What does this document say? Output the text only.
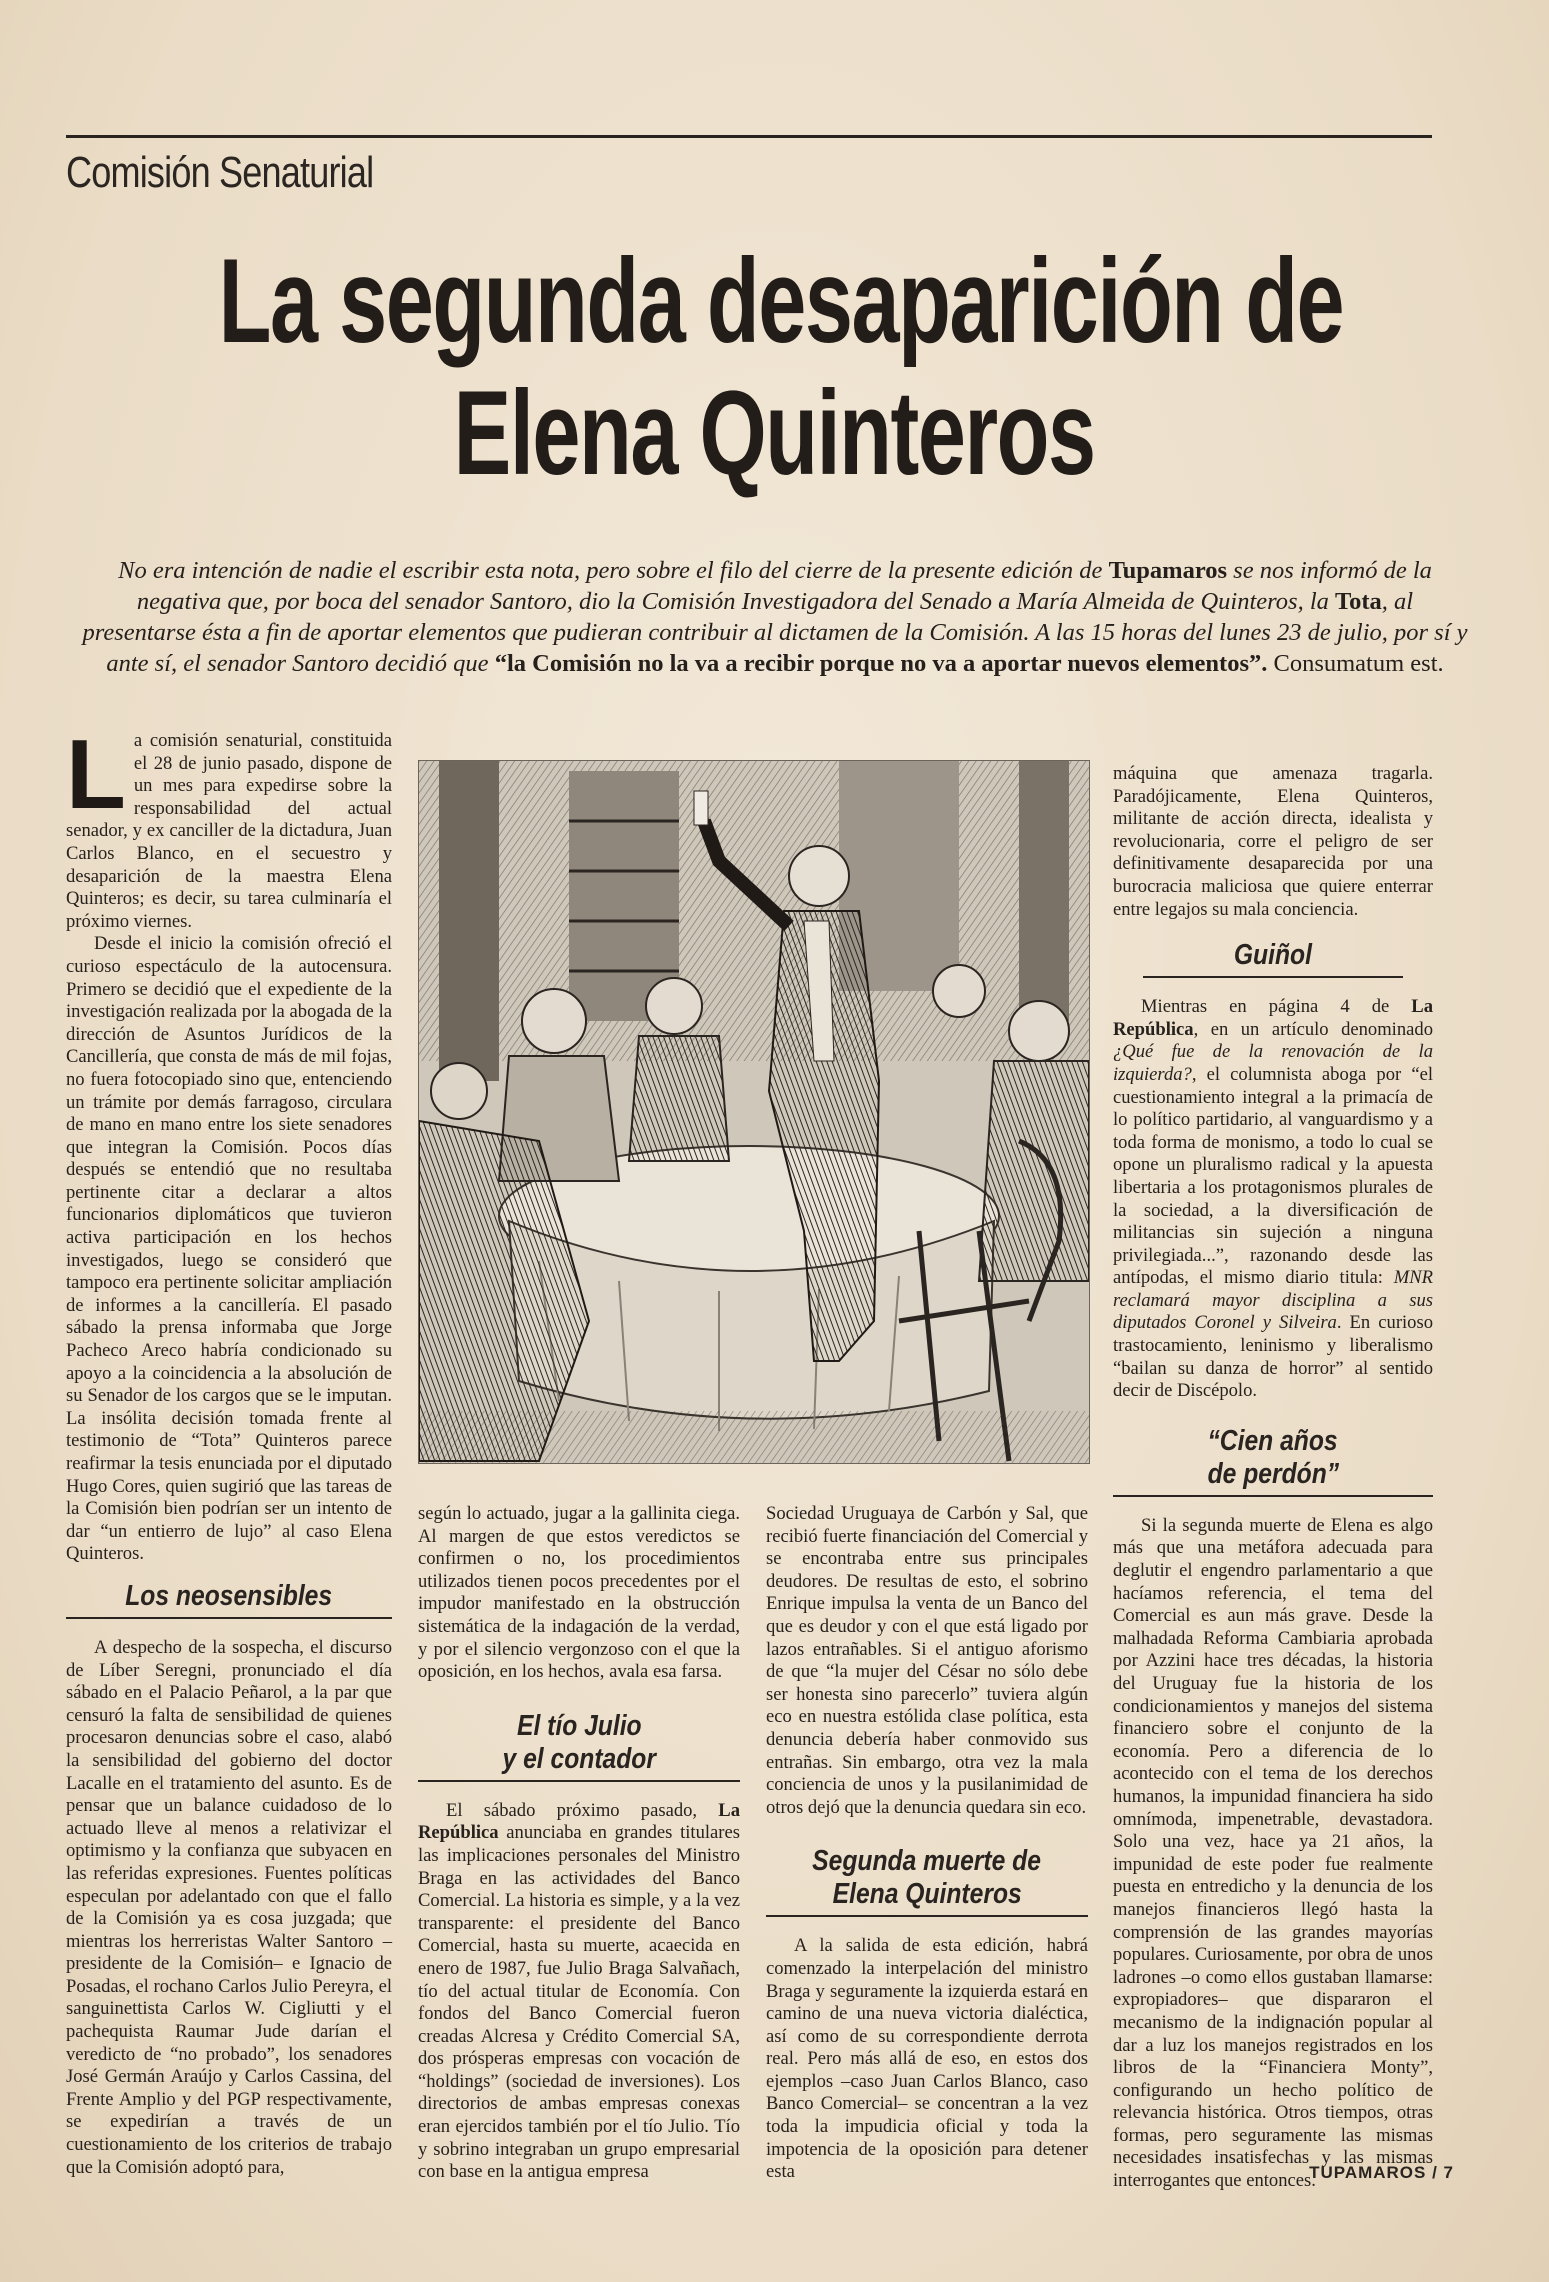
Comisión Senaturial
La segunda desaparición de
Elena Quinteros
No era intención de nadie el escribir esta nota, pero sobre el filo del cierre de la presente edición de Tupamaros se nos informó de la negativa que, por boca del senador Santoro, dio la Comisión Investigadora del Senado a María Almeida de Quinteros, la Tota, al presentarse ésta a fin de aportar elementos que pudieran contribuir al dictamen de la Comisión. A las 15 horas del lunes 23 de julio, por sí y ante sí, el senador Santoro decidió que “la Comisión no la va a recibir porque no va a aportar nuevos elementos”. Consumatum est.

La comisión senaturial, constituida el 28 de junio pasado, dispone de un mes para expedirse sobre la responsabilidad del actual senador, y ex canciller de la dictadura, Juan Carlos Blanco, en el secuestro y desaparición de la maestra Elena Quinteros; es decir, su tarea culminaría el próximo viernes.

Desde el inicio la comisión ofreció el curioso espectáculo de la autocensura. Primero se decidió que el expediente de la investigación realizada por la abogada de la dirección de Asuntos Jurídicos de la Cancillería, que consta de más de mil fojas, no fuera fotocopiado sino que, entenciendo un trámite por demás farragoso, circulara de mano en mano entre los siete senadores que integran la Comisión. Pocos días después se entendió que no resultaba pertinente citar a declarar a altos funcionarios diplomáticos que tuvieron activa participación en los hechos investigados, luego se consideró que tampoco era pertinente solicitar ampliación de informes a la cancillería. El pasado sábado la prensa informaba que Jorge Pacheco Areco habría condicionado su apoyo a la coincidencia a la absolución de su Senador de los cargos que se le imputan. La insólita decisión tomada frente al testimonio de “Tota” Quinteros parece reafirmar la tesis enunciada por el diputado Hugo Cores, quien sugirió que las tareas de la Comisión bien podrían ser un intento de dar “un entierro de lujo” al caso Elena Quinteros.

Los neosensibles

A despecho de la sospecha, el discurso de Líber Seregni, pronunciado el día sábado en el Palacio Peñarol, a la par que censuró la falta de sensibilidad de quienes procesaron denuncias sobre el caso, alabó la sensibilidad del gobierno del doctor Lacalle en el tratamiento del asunto. Es de pensar que un balance cuidadoso de lo actuado lleve al menos a relativizar el optimismo y la confianza que subyacen en las referidas expresiones. Fuentes políticas especulan por adelantado con que el fallo de la Comisión ya es cosa juzgada; que mientras los herreristas Walter Santoro –presidente de la Comisión– e Ignacio de Posadas, el rochano Carlos Julio Pereyra, el sanguinettista Carlos W. Cigliutti y el pachequista Raumar Jude darían el veredicto de “no probado”, los senadores José Germán Araújo y Carlos Cassina, del Frente Amplio y del PGP respectivamente, se expedirían a través de un cuestionamiento de los criterios de trabajo que la Comisión adoptó para,

según lo actuado, jugar a la gallinita ciega. Al margen de que estos veredictos se confirmen o no, los procedimientos utilizados tienen pocos precedentes por el impudor manifestado en la obstrucción sistemática de la indagación de la verdad, y por el silencio vergonzoso con el que la oposición, en los hechos, avala esa farsa.

El tío Julio
y el contador

El sábado próximo pasado, La República anunciaba en grandes titulares las implicaciones personales del Ministro Braga en las actividades del Banco Comercial. La historia es simple, y a la vez transparente: el presidente del Banco Comercial, hasta su muerte, acaecida en enero de 1987, fue Julio Braga Salvañach, tío del actual titular de Economía. Con fondos del Banco Comercial fueron creadas Alcresa y Crédito Comercial SA, dos prósperas empresas con vocación de “holdings” (sociedad de inversiones). Los directorios de ambas empresas conexas eran ejercidos también por el tío Julio. Tío y sobrino integraban un grupo empresarial con base en la antigua empresa

Sociedad Uruguaya de Carbón y Sal, que recibió fuerte financiación del Comercial y se encontraba entre sus principales deudores. De resultas de esto, el sobrino Enrique impulsa la venta de un Banco del que es deudor y con el que está ligado por lazos entrañables. Si el antiguo aforismo de que “la mujer del César no sólo debe ser honesta sino parecerlo” tuviera algún eco en nuestra estólida clase política, esta denuncia debería haber conmovido sus entrañas. Sin embargo, otra vez la mala conciencia de unos y la pusilanimidad de otros dejó que la denuncia quedara sin eco.

Segunda muerte de
Elena Quinteros

A la salida de esta edición, habrá comenzado la interpelación del ministro Braga y seguramente la izquierda estará en camino de una nueva victoria dialéctica, así como de su correspondiente derrota real. Pero más allá de eso, en estos dos ejemplos –caso Juan Carlos Blanco, caso Banco Comercial– se concentran a la vez toda la impudicia oficial y toda la impotencia de la oposición para detener esta

máquina que amenaza tragarla. Paradójicamente, Elena Quinteros, militante de acción directa, idealista y revolucionaria, corre el peligro de ser definitivamente desaparecida por una burocracia maliciosa que quiere enterrar entre legajos su mala conciencia.

Guiñol

Mientras en página 4 de La República, en un artículo denominado ¿Qué fue de la renovación de la izquierda?, el columnista aboga por “el cuestionamiento integral a la primacía de lo político partidario, al vanguardismo y a toda forma de monismo, a todo lo cual se opone un pluralismo radical y la apuesta libertaria a los protagonismos plurales de la sociedad, a la diversificación de militancias sin sujeción a ninguna privilegiada...”, razonando desde las antípodas, el mismo diario titula: MNR reclamará mayor disciplina a sus diputados Coronel y Silveira. En curioso trastocamiento, leninismo y liberalismo “bailan su danza de horror” al sentido decir de Discépolo.

“Cien años
de perdón”

Si la segunda muerte de Elena es algo más que una metáfora adecuada para deglutir el engendro parlamentario a que hacíamos referencia, el tema del Comercial es aun más grave. Desde la malhadada Reforma Cambiaria aprobada por Azzini hace tres décadas, la historia del Uruguay fue la historia de los condicionamientos y manejos del sistema financiero sobre el conjunto de la economía. Pero a diferencia de lo acontecido con el tema de los derechos humanos, la impunidad financiera ha sido omnímoda, impenetrable, devastadora. Solo una vez, hace ya 21 años, la impunidad de este poder fue realmente puesta en entredicho y la denuncia de los manejos financieros llegó hasta la comprensión de las grandes mayorías populares. Curiosamente, por obra de unos ladrones –o como ellos gustaban llamarse: expropiadores– que dispararon el mecanismo de la indignación popular al dar a luz los manejos registrados en los libros de la “Financiera Monty”, configurando un hecho político de relevancia histórica. Otros tiempos, otras formas, pero seguramente las mismas necesidades insatisfechas y las mismas interrogantes que entonces.

TUPAMAROS / 7
